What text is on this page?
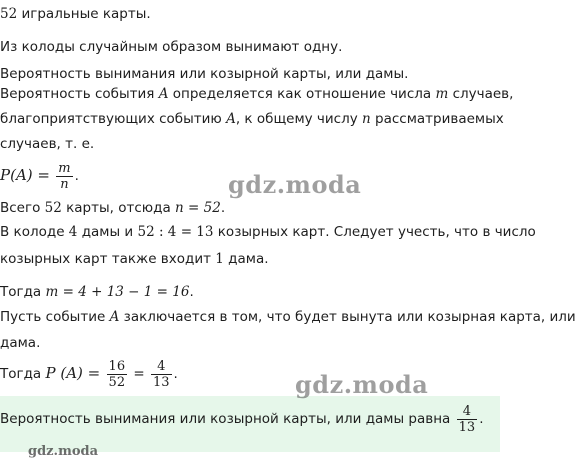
52 игральные карты.
Из колоды случайным образом вынимают одну.
Вероятность вынимания или козырной карты, или дамы.
Вероятность события A определяется как отношение числа m случаев,
благоприятствующих событию A, к общему числу n рассматриваемых
случаев, т. е.
$P(A) = \frac{m}{n}$ .	gdz.moda
Всего 52 карты, отсюда n = 52.
В колоде 4 дамы и 52 : 4 = 13 козырных карт. Следует учесть, что в число
козырных карт также входит 1 дама.
Тогда m = 4 + 13 − 1 = 16.
Пусть событие A заключается в том, что будет вынута или козырная карта, или
дама.
Тогда P $(A) = \frac{16}{52} = \frac{4}{13}$ .	gdz.moda
Вероятность вынимания или козырной карты, или дамы равна $\frac{4}{13}$ .
gdz.moda
